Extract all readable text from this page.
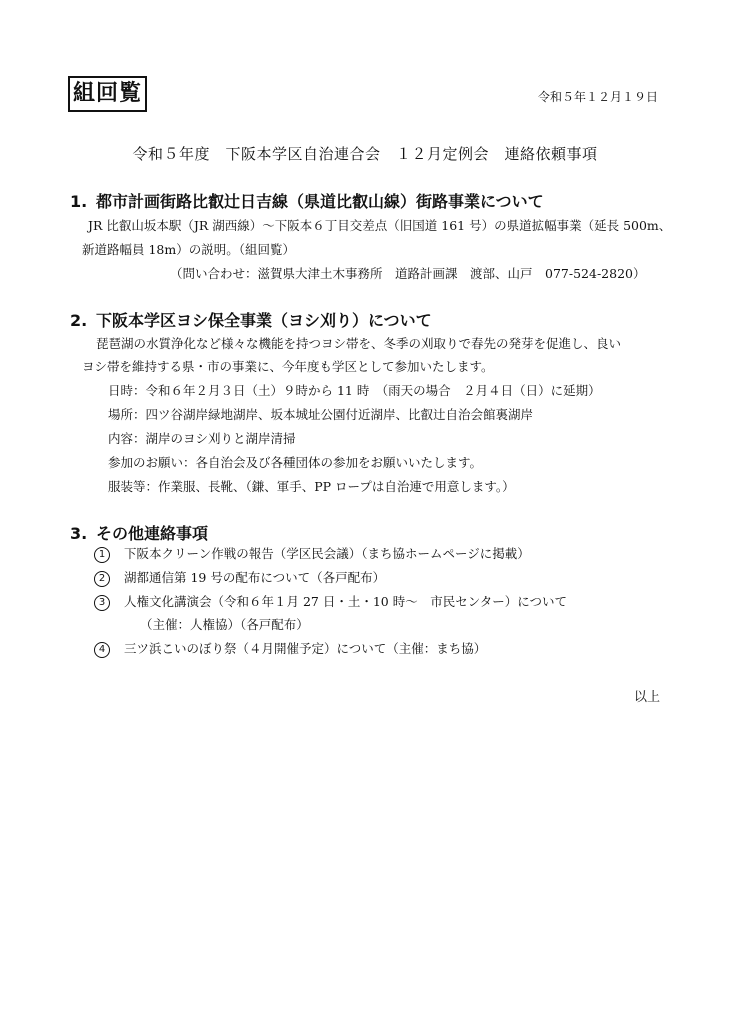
組回覧	令和５年１２月１９日
令和５年度　下阪本学区自治連合会　１２月定例会　連絡依頼事項
1. 都市計画街路比叡辻日吉線（県道比叡山線）街路事業について
JR 比叡山坂本駅（JR 湖西線）〜下阪本６丁目交差点（旧国道 161 号）の県道拡幅事業（延長 500m、
新道路幅員 18m）の説明。（組回覧）
（問い合わせ：滋賀県大津土木事務所　道路計画課　渡部、山戸　077-524-2820）
2. 下阪本学区ヨシ保全事業（ヨシ刈り）について
琵琶湖の水質浄化など様々な機能を持つヨシ帯を、冬季の刈取りで春先の発芽を促進し、良い
ヨシ帯を維持する県・市の事業に、今年度も学区として参加いたします。
日時：令和６年２月３日（土）９時から 11 時　（雨天の場合　２月４日（日）に延期）
場所：四ツ谷湖岸緑地湖岸、坂本城址公園付近湖岸、比叡辻自治会館裏湖岸
内容：湖岸のヨシ刈りと湖岸清掃
参加のお願い：各自治会及び各種団体の参加をお願いいたします。
服装等：作業服、長靴、（鎌、軍手、PP ロープは自治連で用意します。）
3. その他連絡事項
1 下阪本クリーン作戦の報告（学区民会議）（まち協ホームページに掲載）
2 湖都通信第 19 号の配布について（各戸配布）
3 人権文化講演会（令和６年１月 27 日・土・10 時〜　市民センター）について
（主催：人権協）（各戸配布）
4 三ツ浜こいのぼり祭（４月開催予定）について（主催：まち協）
以上
